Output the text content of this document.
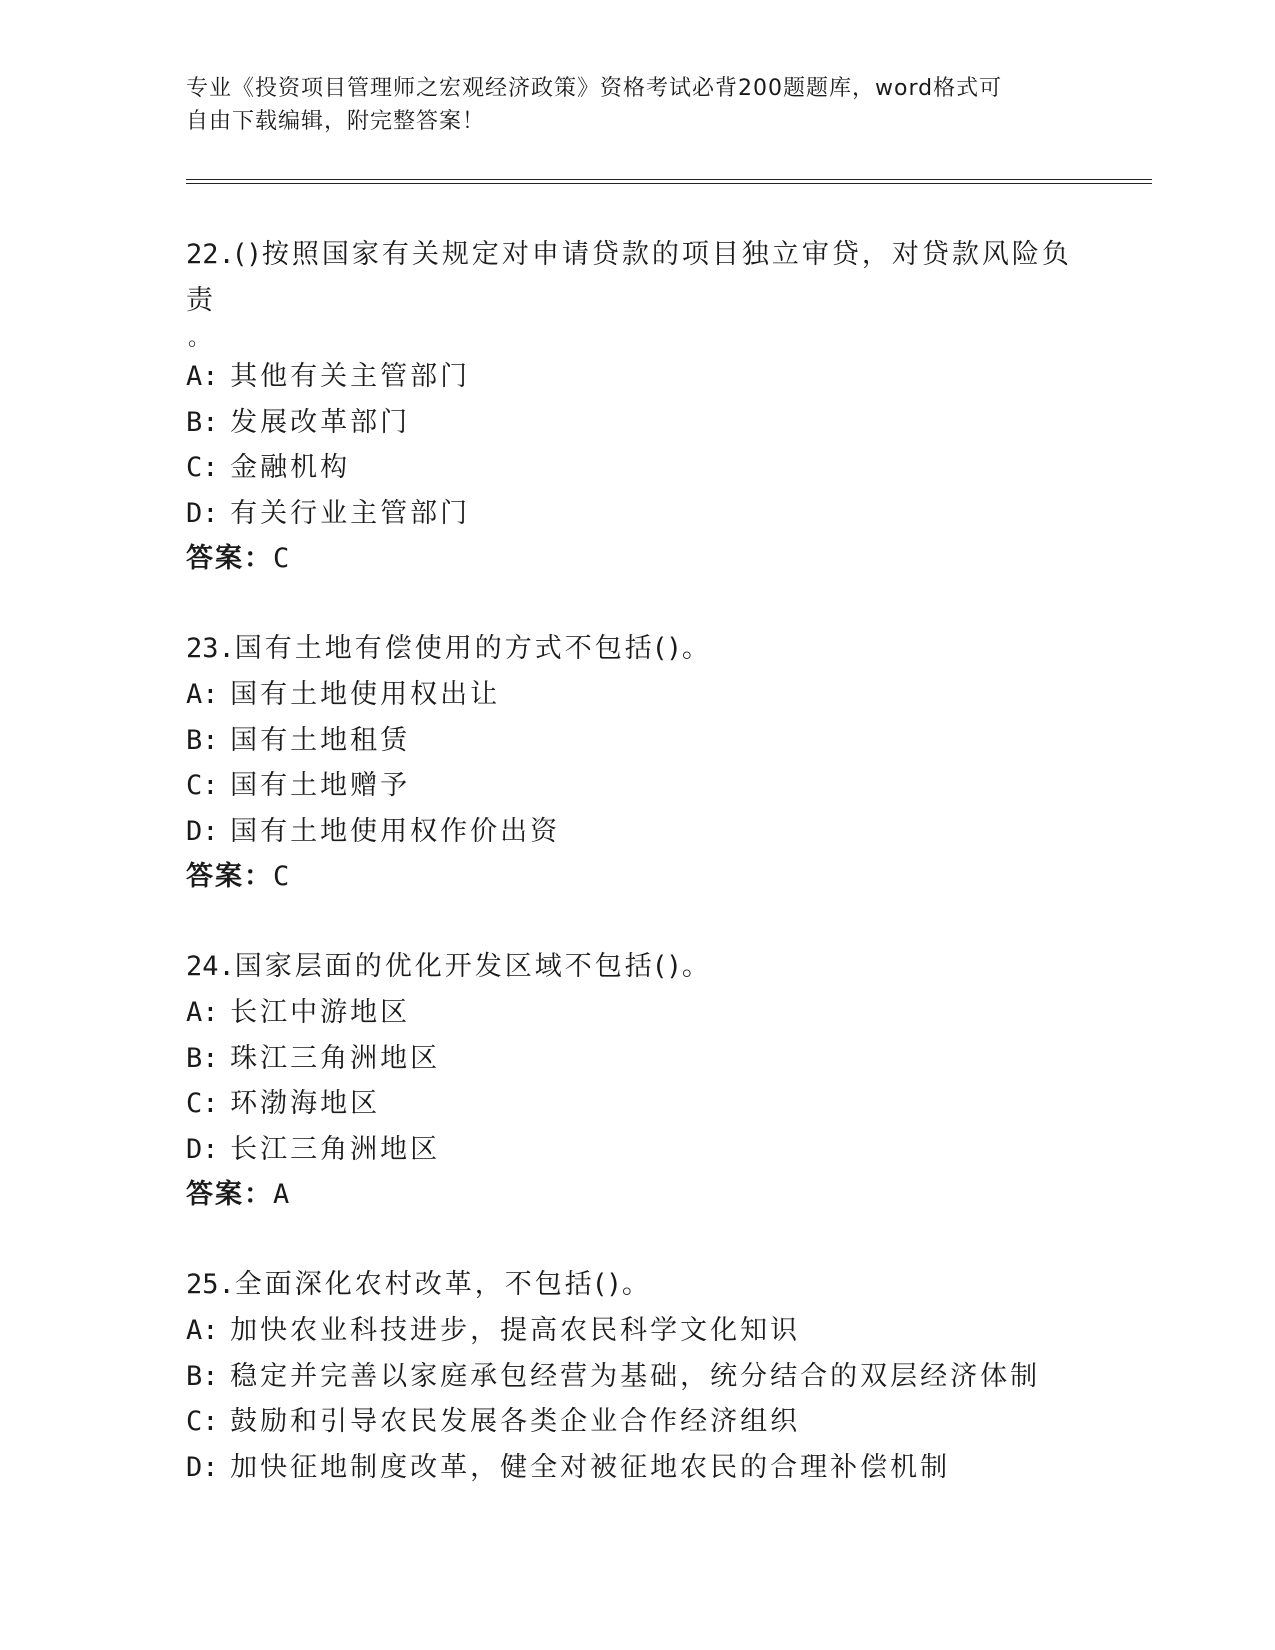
专业《投资项目管理师之宏观经济政策》资格考试必背200题题库，word格式可
自由下载编辑，附完整答案！
22.()按照国家有关规定对申请贷款的项目独立审贷，对贷款风险负责
。
A: 其他有关主管部门
B: 发展改革部门
C: 金融机构
D: 有关行业主管部门
答案：C
23.国有土地有偿使用的方式不包括()。
A: 国有土地使用权出让
B: 国有土地租赁
C: 国有土地赠予
D: 国有土地使用权作价出资
答案：C
24.国家层面的优化开发区域不包括()。
A: 长江中游地区
B: 珠江三角洲地区
C: 环渤海地区
D: 长江三角洲地区
答案：A
25.全面深化农村改革，不包括()。
A: 加快农业科技进步，提高农民科学文化知识
B: 稳定并完善以家庭承包经营为基础，统分结合的双层经济体制
C: 鼓励和引导农民发展各类企业合作经济组织
D: 加快征地制度改革，健全对被征地农民的合理补偿机制
